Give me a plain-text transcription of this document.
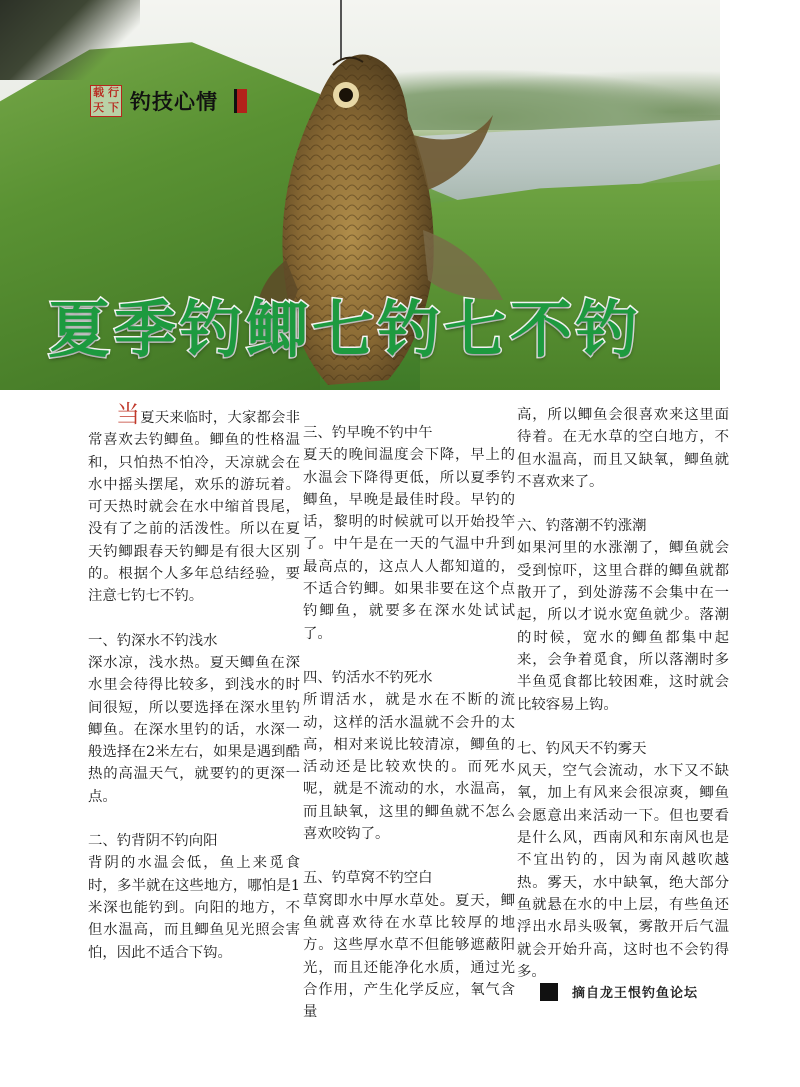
载 行
天 下 钓技心情
夏季钓鲫七钓七不钓

当夏天来临时，大家都会非常喜欢去钓鲫鱼。鲫鱼的性格温和，只怕热不怕冷，天凉就会在水中摇头摆尾，欢乐的游玩着。可天热时就会在水中缩首畏尾，没有了之前的活泼性。所以在夏天钓鲫跟春天钓鲫是有很大区别的。根据个人多年总结经验，要注意七钓七不钓。

一、钓深水不钓浅水

深水凉，浅水热。夏天鲫鱼在深水里会待得比较多，到浅水的时间很短，所以要选择在深水里钓鲫鱼。在深水里钓的话，水深一般选择在2米左右，如果是遇到酷热的高温天气，就要钓的更深一点。

二、钓背阴不钓向阳

背阴的水温会低，鱼上来觅食时，多半就在这些地方，哪怕是1米深也能钓到。向阳的地方，不但水温高，而且鲫鱼见光照会害怕，因此不适合下钩。

三、钓早晚不钓中午

夏天的晚间温度会下降，早上的水温会下降得更低，所以夏季钓鲫鱼，早晚是最佳时段。早钓的话，黎明的时候就可以开始投竿了。中午是在一天的气温中升到最高点的，这点人人都知道的，不适合钓鲫。如果非要在这个点钓鲫鱼，就要多在深水处试试了。

四、钓活水不钓死水

所谓活水，就是水在不断的流动，这样的活水温就不会升的太高，相对来说比较清凉，鲫鱼的活动还是比较欢快的。而死水呢，就是不流动的水，水温高，而且缺氧，这里的鲫鱼就不怎么喜欢咬钩了。

五、钓草窝不钓空白

草窝即水中厚水草处。夏天，鲫鱼就喜欢待在水草比较厚的地方。这些厚水草不但能够遮蔽阳光，而且还能净化水质，通过光合作用，产生化学反应，氧气含量

高，所以鲫鱼会很喜欢来这里面待着。在无水草的空白地方，不但水温高，而且又缺氧，鲫鱼就不喜欢来了。

六、钓落潮不钓涨潮

如果河里的水涨潮了，鲫鱼就会受到惊吓，这里合群的鲫鱼就都散开了，到处游荡不会集中在一起，所以才说水宽鱼就少。落潮的时候，宽水的鲫鱼都集中起来，会争着觅食，所以落潮时多半鱼觅食都比较困难，这时就会比较容易上钩。

七、钓风天不钓雾天

风天，空气会流动，水下又不缺氧，加上有风来会很凉爽，鲫鱼会愿意出来活动一下。但也要看是什么风，西南风和东南风也是不宜出钓的，因为南风越吹越热。雾天，水中缺氧，绝大部分鱼就悬在水的中上层，有些鱼还浮出水昂头吸氧，雾散开后气温就会开始升高，这时也不会钓得多。

摘自龙王恨钓鱼论坛
